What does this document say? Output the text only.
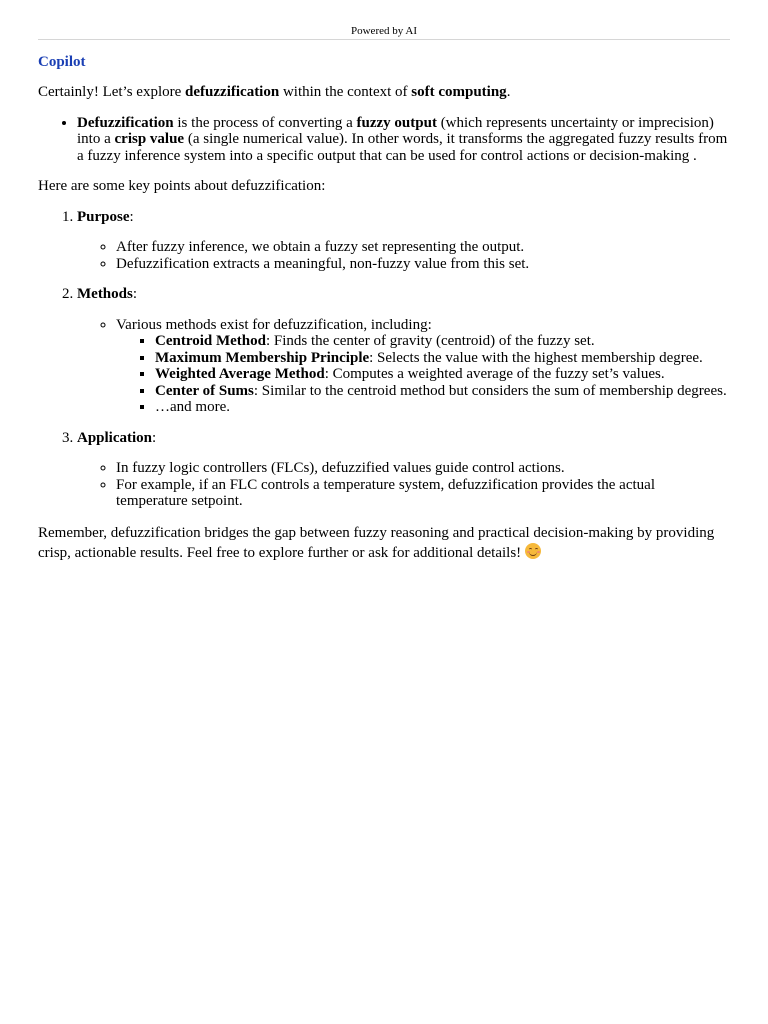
Powered by AI
Copilot

Certainly! Let’s explore defuzzification within the context of soft computing.

• Defuzzification is the process of converting a fuzzy output (which represents uncertainty or imprecision) into a crisp value (a single numerical value). In other words, it transforms the aggregated fuzzy results from a fuzzy inference system into a specific output that can be used for control actions or decision-making .

Here are some key points about defuzzification:

1. Purpose:
◦ After fuzzy inference, we obtain a fuzzy set representing the output.
◦ Defuzzification extracts a meaningful, non-fuzzy value from this set.
2. Methods:
◦ Various methods exist for defuzzification, including:
▪ Centroid Method: Finds the center of gravity (centroid) of the fuzzy set.
▪ Maximum Membership Principle: Selects the value with the highest membership degree.
▪ Weighted Average Method: Computes a weighted average of the fuzzy set’s values.
▪ Center of Sums: Similar to the centroid method but considers the sum of membership degrees.
▪ …and more.
3. Application:
◦ In fuzzy logic controllers (FLCs), defuzzified values guide control actions.
◦ For example, if an FLC controls a temperature system, defuzzification provides the actual temperature setpoint.

Remember, defuzzification bridges the gap between fuzzy reasoning and practical decision-making by providing crisp, actionable results. Feel free to explore further or ask for additional details!
